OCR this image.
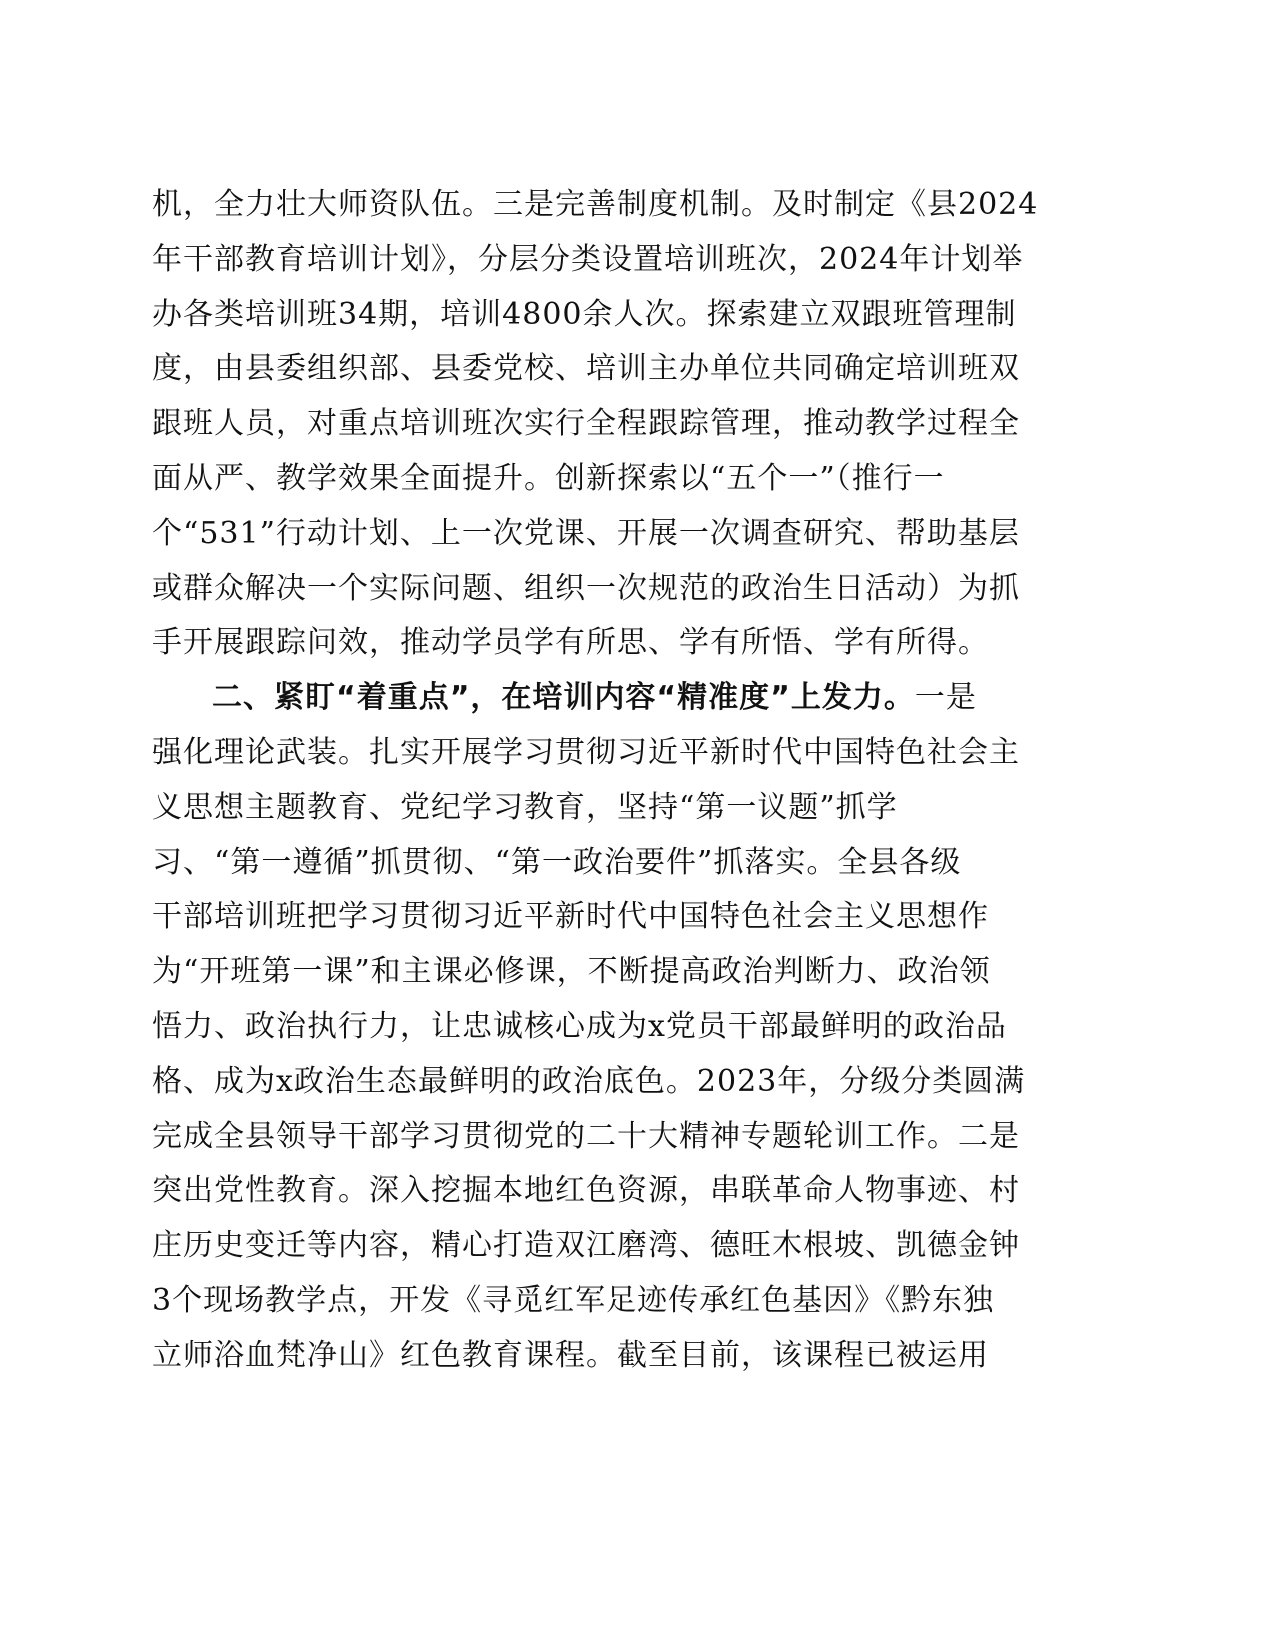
机，全力壮大师资队伍。三是完善制度机制。及时制定《县2024
年干部教育培训计划》，分层分类设置培训班次，2024年计划举
办各类培训班34期，培训4800余人次。探索建立双跟班管理制
度，由县委组织部、县委党校、培训主办单位共同确定培训班双
跟班人员，对重点培训班次实行全程跟踪管理，推动教学过程全
面从严、教学效果全面提升。创新探索以“五个一”（推行一
个“531”行动计划、上一次党课、开展一次调查研究、帮助基层
或群众解决一个实际问题、组织一次规范的政治生日活动）为抓
手开展跟踪问效，推动学员学有所思、学有所悟、学有所得。
二、紧盯“着重点”，在培训内容“精准度”上发力。一是
强化理论武装。扎实开展学习贯彻习近平新时代中国特色社会主
义思想主题教育、党纪学习教育，坚持“第一议题”抓学
习、“第一遵循”抓贯彻、“第一政治要件”抓落实。全县各级
干部培训班把学习贯彻习近平新时代中国特色社会主义思想作
为“开班第一课”和主课必修课，不断提高政治判断力、政治领
悟力、政治执行力，让忠诚核心成为x党员干部最鲜明的政治品
格、成为x政治生态最鲜明的政治底色。2023年，分级分类圆满
完成全县领导干部学习贯彻党的二十大精神专题轮训工作。二是
突出党性教育。深入挖掘本地红色资源，串联革命人物事迹、村
庄历史变迁等内容，精心打造双江磨湾、德旺木根坡、凯德金钟
3个现场教学点，开发《寻觅红军足迹传承红色基因》《黔东独
立师浴血梵净山》红色教育课程。截至目前，该课程已被运用
